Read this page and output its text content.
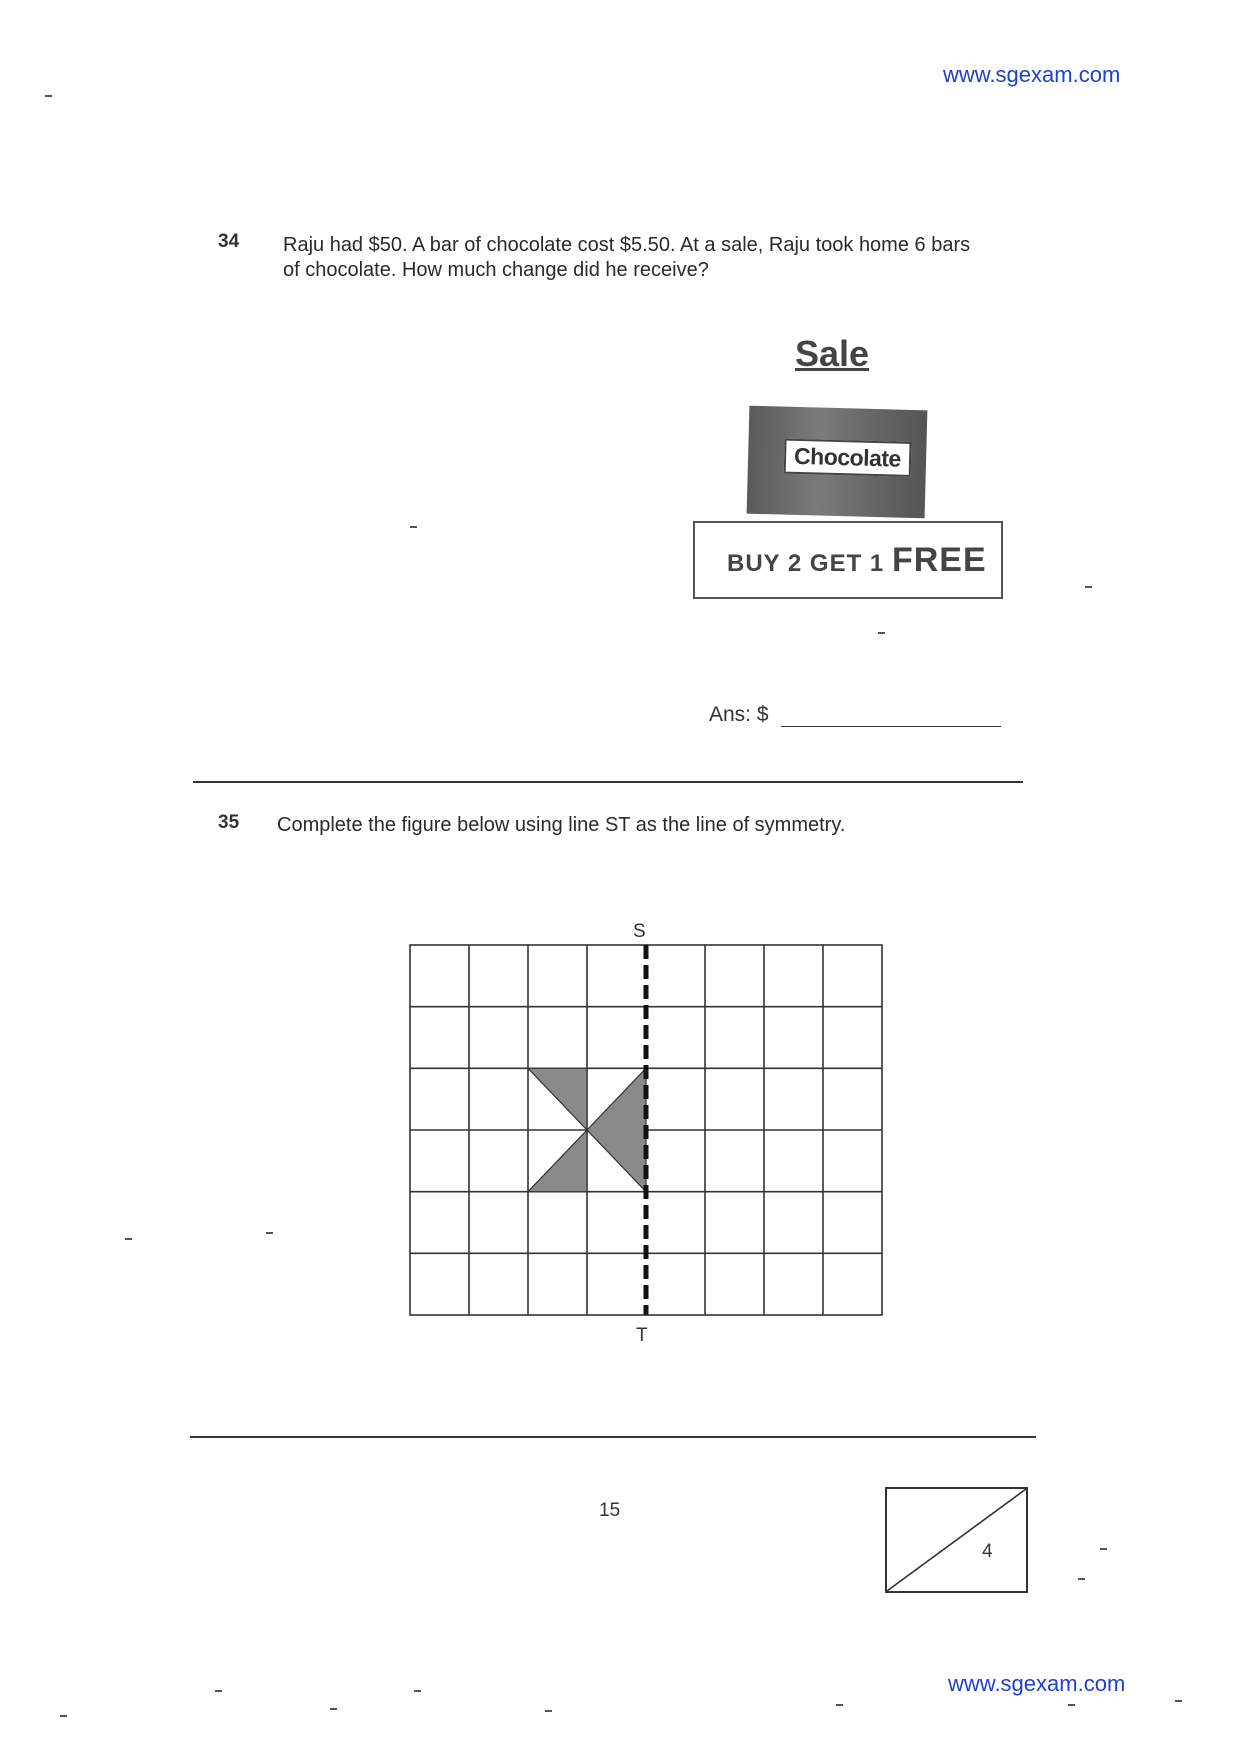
www.sgexam.com
34 Raju had $50. A bar of chocolate cost $5.50. At a sale, Raju took home 6 bars
of chocolate. How much change did he receive?
Sale
Chocolate
BUY 2 GET 1 FREE
Ans: $
35 Complete the figure below using line ST as the line of symmetry.
S
T
15
4
www.sgexam.com
